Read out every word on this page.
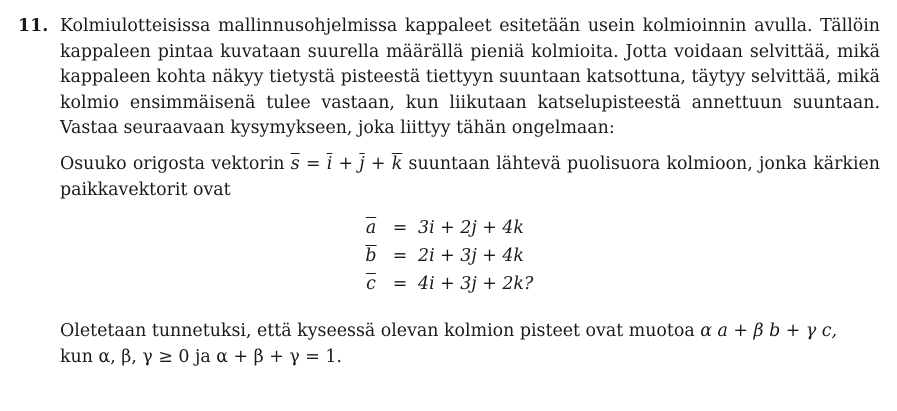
11. Kolmiulotteisissa mallinnusohjelmissa kappaleet esitetään usein kolmioinnin avulla. Tällöin kappaleen pintaa kuvataan suurella määrällä pieniä kolmioita. Jotta voidaan selvittää, mikä kappaleen kohta näkyy tietystä pisteestä tiettyyn suuntaan katsottuna, täytyy selvittää, mikä kolmio ensimmäisenä tulee vastaan, kun liikutaan katselupisteestä annettuun suuntaan. Vastaa seuraavaan kysymykseen, joka liittyy tähän ongelmaan:
Osuuko origosta vektorin $\overline{s} = \overline{i} + \overline{j} + \overline{k}$ suuntaan lähtevä puolisuora kolmioon, jonka kärkien paikkavektorit ovat
$\overline{a} = 3i + 2j + 4k$
$\overline{b} = 2i + 3j + 4k$
$\overline{c} = 4i + 3j + 2k$?
Oletetaan tunnetuksi, että kyseessä olevan kolmion pisteet ovat muotoa α a + β b + γ c,
kun α, β, γ ≥ 0 ja α + β + γ = 1.
